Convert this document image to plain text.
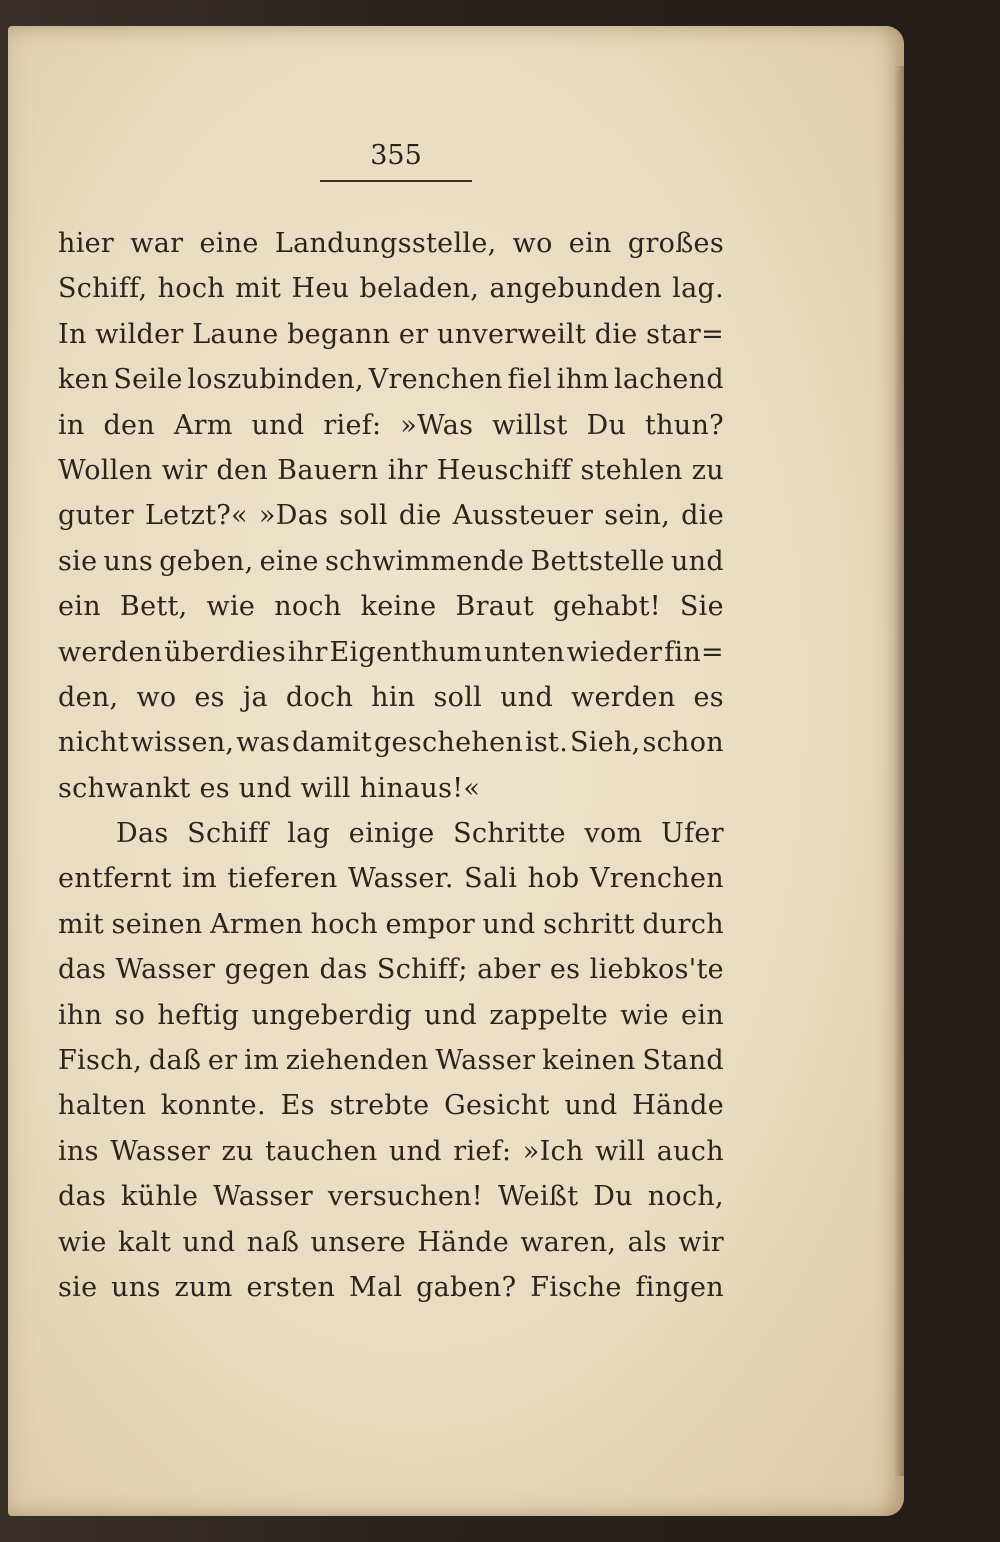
355
hier war eine Landungsstelle, wo ein großes
Schiff, hoch mit Heu beladen, angebunden lag.
In wilder Laune begann er unverweilt die star=
ken Seile loszubinden, Vrenchen fiel ihm lachend
in den Arm und rief: »Was willst Du thun?
Wollen wir den Bauern ihr Heuschiff stehlen zu
guter Letzt?« »Das soll die Aussteuer sein, die
sie uns geben, eine schwimmende Bettstelle und
ein Bett, wie noch keine Braut gehabt! Sie
werden überdies ihr Eigenthum unten wieder fin=
den, wo es ja doch hin soll und werden es
nicht wissen, was damit geschehen ist. Sieh, schon
schwankt es und will hinaus!«
Das Schiff lag einige Schritte vom Ufer
entfernt im tieferen Wasser. Sali hob Vrenchen
mit seinen Armen hoch empor und schritt durch
das Wasser gegen das Schiff; aber es liebkos'te
ihn so heftig ungeberdig und zappelte wie ein
Fisch, daß er im ziehenden Wasser keinen Stand
halten konnte. Es strebte Gesicht und Hände
ins Wasser zu tauchen und rief: »Ich will auch
das kühle Wasser versuchen! Weißt Du noch,
wie kalt und naß unsere Hände waren, als wir
sie uns zum ersten Mal gaben? Fische fingen
